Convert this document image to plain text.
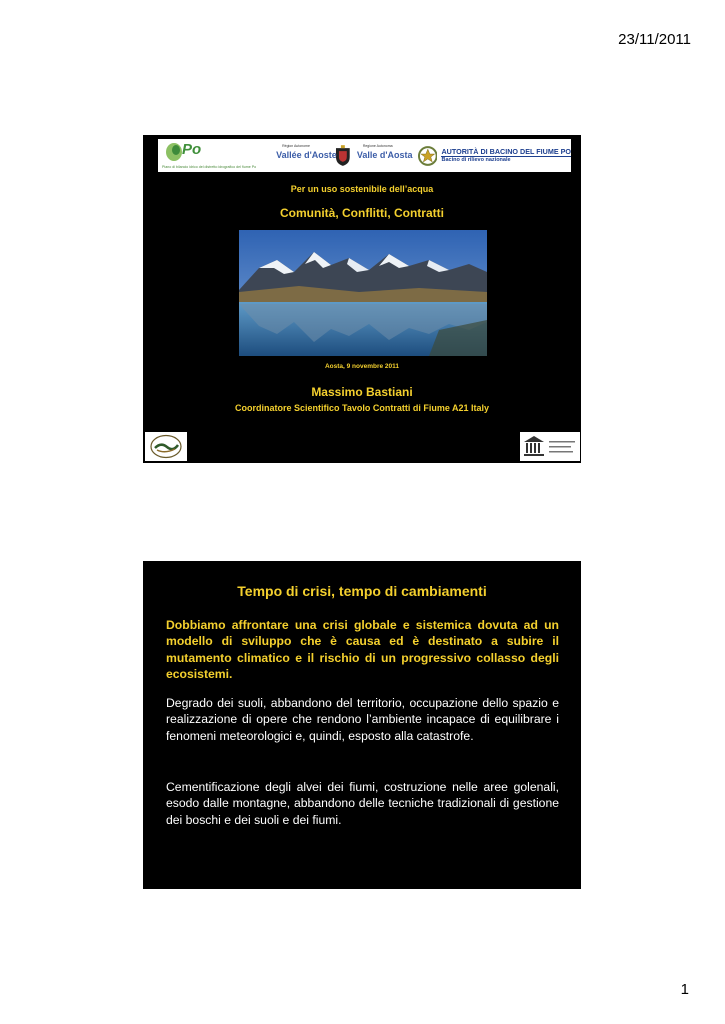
23/11/2011
Po
Piano di bilancio idrico del distretto idrografico del fiume Po
Région Autonome
Vallée d'Aoste
Regione Autonoma
Valle d'Aosta	AUTORITÀ DI BACINO DEL FIUME PO
Bacino di rilievo nazionale
Per un uso sostenibile dell’acqua
Comunità, Conflitti, Contratti
Aosta, 9 novembre 2011
Massimo Bastiani
Coordinatore Scientifico Tavolo Contratti di Fiume A21 Italy
Tempo di crisi, tempo di cambiamenti
Dobbiamo affrontare una crisi globale e sistemica dovuta ad un modello di sviluppo che è causa ed è destinato a subire il mutamento climatico e il rischio di un progressivo collasso degli ecosistemi.
Degrado dei suoli, abbandono del territorio, occupazione dello spazio e realizzazione di opere che rendono l’ambiente incapace di equilibrare i fenomeni meteorologici e, quindi, esposto alla catastrofe.
Cementificazione degli alvei dei fiumi, costruzione nelle aree golenali, esodo dalle montagne, abbandono delle tecniche tradizionali di gestione dei boschi e dei suoli e dei fiumi.
1
